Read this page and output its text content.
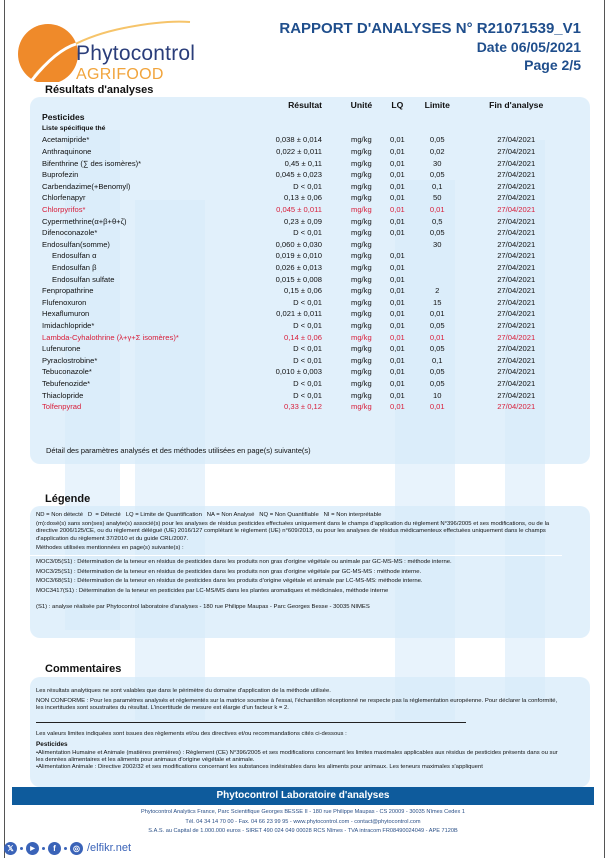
Phytocontrol
AGRIFOOD
RAPPORT D'ANALYSES N° R21071539_V1
Date 06/05/2021
Page 2/5
Résultats d'analyses
	Résultat	Unité	LQ	Limite	Fin d'analyse
Pesticides					
Liste spécifique thé					
Acetamipride*	0,038 ± 0,014	mg/kg	0,01	0,05	27/04/2021
Anthraquinone	0,022 ± 0,011	mg/kg	0,01	0,02	27/04/2021
Bifenthrine (∑ des isomères)*	0,45 ± 0,11	mg/kg	0,01	30	27/04/2021
Buprofezin	0,045 ± 0,023	mg/kg	0,01	0,05	27/04/2021
Carbendazime(+Benomyl)	D < 0,01	mg/kg	0,01	0,1	27/04/2021
Chlorfenapyr	0,13 ± 0,06	mg/kg	0,01	50	27/04/2021
Chlorpyrifos*	0,045 ± 0,011	mg/kg	0,01	0,01	27/04/2021
Cypermethrine(α+β+θ+ζ)	0,23 ± 0,09	mg/kg	0,01	0,5	27/04/2021
Difenoconazole*	D < 0,01	mg/kg	0,01	0,05	27/04/2021
Endosulfan(somme)	0,060 ± 0,030	mg/kg		30	27/04/2021
Endosulfan α	0,019 ± 0,010	mg/kg	0,01		27/04/2021
Endosulfan β	0,026 ± 0,013	mg/kg	0,01		27/04/2021
Endosulfan sulfate	0,015 ± 0,008	mg/kg	0,01		27/04/2021
Fenpropathrine	0,15 ± 0,06	mg/kg	0,01	2	27/04/2021
Flufenoxuron	D < 0,01	mg/kg	0,01	15	27/04/2021
Hexaflumuron	0,021 ± 0,011	mg/kg	0,01	0,01	27/04/2021
Imidachlopride*	D < 0,01	mg/kg	0,01	0,05	27/04/2021
Lambda-Cyhalothrine (λ+γ+Σ isomères)*	0,14 ± 0,06	mg/kg	0,01	0,01	27/04/2021
Lufenurone	D < 0,01	mg/kg	0,01	0,05	27/04/2021
Pyraclostrobine*	D < 0,01	mg/kg	0,01	0,1	27/04/2021
Tebuconazole*	0,010 ± 0,003	mg/kg	0,01	0,05	27/04/2021
Tebufenozide*	D < 0,01	mg/kg	0,01	0,05	27/04/2021
Thiaclopride	D < 0,01	mg/kg	0,01	10	27/04/2021
Tolfenpyrad	0,33 ± 0,12	mg/kg	0,01	0,01	27/04/2021
Détail des paramètres analysés et des méthodes utilisées en page(s) suivante(s)
Légende

ND = Non détecté   D  = Détecté   LQ = Limite de Quantification   NA = Non Analysé   NQ = Non Quantifiable   NI = Non interprétable

(m):dosé(s) sans son(ses) analyte(s) associé(s) pour les analyses de résidus pesticides effectuées uniquement dans le champs d'application du règlement N°396/2005 et ses modifications, ou de la directive 2006/125/CE, ou du règlement délégué (UE) 2016/127 complétant le règlement (UE) n°609/2013, ou pour les analyses de résidus médicamenteux effectuées uniquement dans le champs d'application du règlement 37/2010 et du guide CRL/2007.

Méthodes utilisées mentionnées en page(s) suivante(s) :

MOC3/05(S1) : Détermination de la teneur en résidus de pesticides dans les produits non gras d'origine végétale ou animale par GC-MS-MS : méthode interne.

MOC3/25(S1) : Détermination de la teneur en résidus de pesticides dans les produits non gras d'origine végétale par GC-MS-MS : méthode interne.

MOC3/68(S1) : Détermination de la teneur en résidus de pesticides dans les produits d'origine végétale et animale par LC-MS-MS: méthode interne.

MOC3417(S1) : Détermination de la teneur en pesticides par LC-MS/MS dans les plantes aromatiques et médicinales, méthode interne

(S1) : analyse réalisée par Phytocontrol laboratoire d'analyses - 180 rue Philippe Maupas - Parc Georges Besse - 30035 NIMES

Commentaires

Les résultats analytiques ne sont valables que dans le périmètre du domaine d'application de la méthode utilisée.

NON CONFORME : Pour les paramètres analysés et réglementés sur la matrice soumise à l'essai, l'échantillon réceptionné ne respecte pas la réglementation européenne. Pour déclarer la conformité, les incertitudes sont soustraites du résultat. L'incertitude de mesure est élargie d'un facteur k = 2.

Les valeurs limites indiquées sont issues des règlements et/ou des directives et/ou recommandations cités ci-dessous :

Pesticides

•Alimentation Humaine et Animale (matières premières) : Règlement (CE) N°396/2005 et ses modifications concernant les limites maximales applicables aux résidus de pesticides présents dans ou sur les denrées alimentaires et les aliments pour animaux d'origine végétale et animale.

•Alimentation Animale : Directive 2002/32 et ses modifications concernant les substances indésirables dans les aliments pour animaux. Les teneurs maximales s'appliquent

Phytocontrol Laboratoire d'analyses
Phytocontrol Analytics France, Parc Scientifique Georges BESSE II - 180 rue Philippe Maupas - CS 20009 - 30035 Nîmes Cedex 1
Tél. 04 34 14 70 00 - Fax. 04 66 23 99 95 - www.phytocontrol.com - contact@phytocontrol.com
S.A.S. au Capital de 1.000.000 euros - SIRET 490 024 049 00028 RCS Nîmes - TVA intracom FR08490024049 - APE 7120B
𝕏	▶	f	◎ /elfikr.net
